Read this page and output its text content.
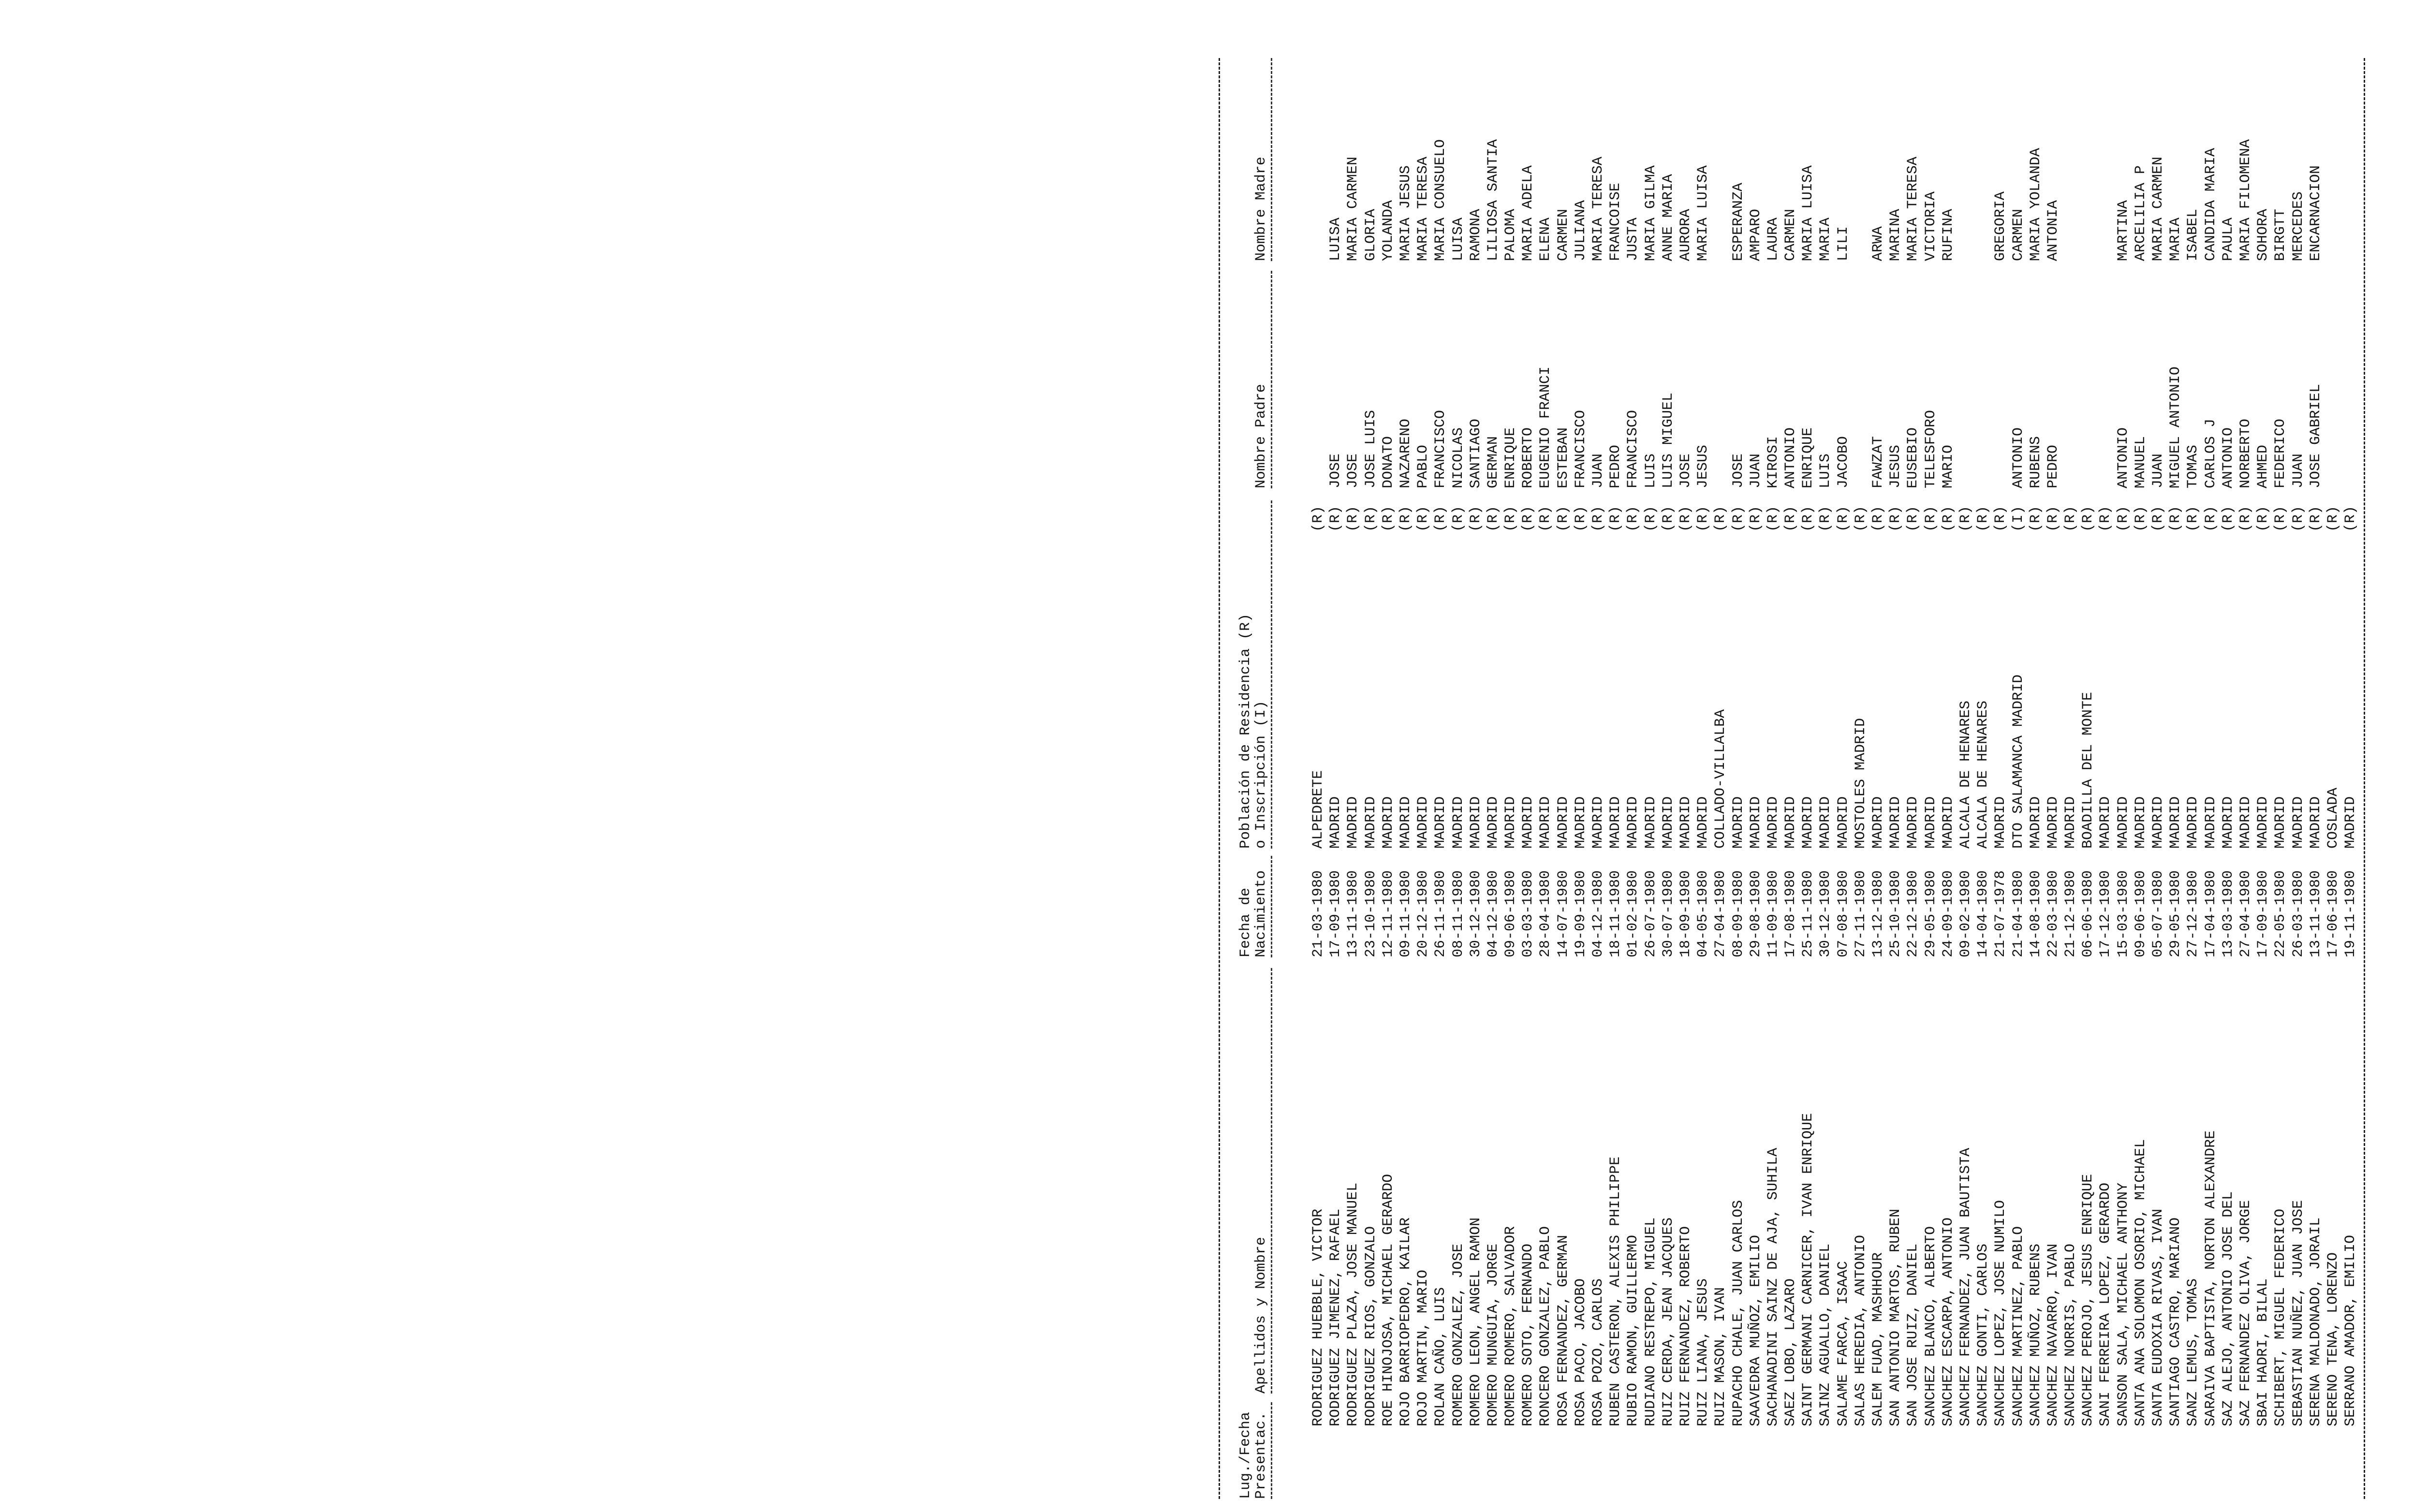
Lug./Fecha
Presentac.
Apellidos y Nombre
Fecha de
Nacimiento
Población de Residencia (R)
o Inscripción (I)
Nombre Padre
Nombre Madre
RODRIGUEZ HUEBBLE, VICTOR
21-03-1980
ALPEDRETE
(R)
RODRIGUEZ JIMENEZ, RAFAEL
17-09-1980
MADRID
(R)
JOSE
LUISA
RODRIGUEZ PLAZA, JOSE MANUEL
13-11-1980
MADRID
(R)
JOSE
MARIA CARMEN
RODRIGUEZ RIOS, GONZALO
23-10-1980
MADRID
(R)
JOSE LUIS
GLORIA
ROE HINOJOSA, MICHAEL GERARDO
12-11-1980
MADRID
(R)
DONATO
YOLANDA
ROJO BARRIOPEDRO, KAILAR
09-11-1980
MADRID
(R)
NAZARENO
MARIA JESUS
ROJO MARTIN, MARIO
20-12-1980
MADRID
(R)
PABLO
MARIA TERESA
ROLAN CAÑO, LUIS
26-11-1980
MADRID
(R)
FRANCISCO
MARIA CONSUELO
ROMERO GONZALEZ, JOSE
08-11-1980
MADRID
(R)
NICOLAS
LUISA
ROMERO LEON, ANGEL RAMON
30-12-1980
MADRID
(R)
SANTIAGO
RAMONA
ROMERO MUNGUIA, JORGE
04-12-1980
MADRID
(R)
GERMAN
LILIOSA SANTIA
ROMERO ROMERO, SALVADOR
09-06-1980
MADRID
(R)
ENRIQUE
PALOMA
ROMERO SOTO, FERNANDO
03-03-1980
MADRID
(R)
ROBERTO
MARIA ADELA
RONCERO GONZALEZ, PABLO
28-04-1980
MADRID
(R)
EUGENIO FRANCI
ELENA
ROSA FERNANDEZ, GERMAN
14-07-1980
MADRID
(R)
ESTEBAN
CARMEN
ROSA PACO, JACOBO
19-09-1980
MADRID
(R)
FRANCISCO
JULIANA
ROSA POZO, CARLOS
04-12-1980
MADRID
(R)
JUAN
MARIA TERESA
RUBEN CASTERON, ALEXIS PHILIPPE
18-11-1980
MADRID
(R)
PEDRO
FRANCOISE
RUBIO RAMON, GUILLERMO
01-02-1980
MADRID
(R)
FRANCISCO
JUSTA
RUDIANO RESTREPO, MIGUEL
26-07-1980
MADRID
(R)
LUIS
MARIA GILMA
RUIZ CERDA, JEAN JACQUES
30-07-1980
MADRID
(R)
LUIS MIGUEL
ANNE MARIA
RUIZ FERNANDEZ, ROBERTO
18-09-1980
MADRID
(R)
JOSE
AURORA
RUIZ LIANA, JESUS
04-05-1980
MADRID
(R)
JESUS
MARIA LUISA
RUIZ MASON, IVAN
27-04-1980
COLLADO-VILLALBA
(R)
RUPACHO CHALE, JUAN CARLOS
08-09-1980
MADRID
(R)
JOSE
ESPERANZA
SAAVEDRA MUÑOZ, EMILIO
29-08-1980
MADRID
(R)
JUAN
AMPARO
SACHANADINI SAINZ DE AJA, SUHILA
11-09-1980
MADRID
(R)
KIROSI
LAURA
SAEZ LOBO, LAZARO
17-08-1980
MADRID
(R)
ANTONIO
CARMEN
SAINT GERMANI CARNICER, IVAN ENRIQUE
25-11-1980
MADRID
(R)
ENRIQUE
MARIA LUISA
SAINZ AGUALLO, DANIEL
30-12-1980
MADRID
(R)
LUIS
MARIA
SALAME FARCA, ISAAC
07-08-1980
MADRID
(R)
JACOBO
LILI
SALAS HEREDIA, ANTONIO
27-11-1980
MOSTOLES MADRID
(R)
SALEM FUAD, MASHHOUR
13-12-1980
MADRID
(R)
FAWZAT
ARWA
SAN ANTONIO MARTOS, RUBEN
25-10-1980
MADRID
(R)
JESUS
MARINA
SAN JOSE RUIZ, DANIEL
22-12-1980
MADRID
(R)
EUSEBIO
MARIA TERESA
SANCHEZ BLANCO, ALBERTO
29-05-1980
MADRID
(R)
TELESFORO
VICTORIA
SANCHEZ ESCARPA, ANTONIO
24-09-1980
MADRID
(R)
MARIO
RUFINA
SANCHEZ FERNANDEZ, JUAN BAUTISTA
09-02-1980
ALCALA DE HENARES
(R)
SANCHEZ GONTI, CARLOS
14-04-1980
ALCALA DE HENARES
(R)
SANCHEZ LOPEZ, JOSE NUMILO
21-07-1978
MADRID
(R)
GREGORIA
SANCHEZ MARTINEZ, PABLO
21-04-1980
DTO SALAMANCA MADRID
(I)
ANTONIO
CARMEN
SANCHEZ MUÑOZ, RUBENS
14-08-1980
MADRID
(R)
RUBENS
MARIA YOLANDA
SANCHEZ NAVARRO, IVAN
22-03-1980
MADRID
(R)
PEDRO
ANTONIA
SANCHEZ NORRIS, PABLO
21-12-1980
MADRID
(R)
SANCHEZ PEROJO, JESUS ENRIQUE
06-06-1980
BOADILLA DEL MONTE
(R)
SANI FERREIRA LOPEZ, GERARDO
17-12-1980
MADRID
(R)
SANSON SALA, MICHAEL ANTHONY
15-03-1980
MADRID
(R)
ANTONIO
MARTINA
SANTA ANA SOLOMON OSORIO, MICHAEL
09-06-1980
MADRID
(R)
MANUEL
ARCELILIA P
SANTA EUDOXIA RIVAS, IVAN
05-07-1980
MADRID
(R)
JUAN
MARIA CARMEN
SANTIAGO CASTRO, MARIANO
29-05-1980
MADRID
(R)
MIGUEL ANTONIO
MARIA
SANZ LEMUS, TOMAS
27-12-1980
MADRID
(R)
TOMAS
ISABEL
SARAIVA BAPTISTA, NORTON ALEXANDRE
17-04-1980
MADRID
(R)
CARLOS J
CANDIDA MARIA
SAZ ALEJO, ANTONIO JOSE DEL
13-03-1980
MADRID
(R)
ANTONIO
PAULA
SAZ FERNANDEZ OLIVA, JORGE
27-04-1980
MADRID
(R)
NORBERTO
MARIA FILOMENA
SBAI HADRI, BILAL
17-09-1980
MADRID
(R)
AHMED
SOHORA
SCHIBERT, MIGUEL FEDERICO
22-05-1980
MADRID
(R)
FEDERICO
BIRGTT
SEBASTIAN NUÑEZ, JUAN JOSE
26-03-1980
MADRID
(R)
JUAN
MERCEDES
SERENA MALDONADO, JORAIL
13-11-1980
MADRID
(R)
JOSE GABRIEL
ENCARNACION
SERENO TENA, LORENZO
17-06-1980
COSLADA
(R)
SERRANO AMADOR, EMILIO
19-11-1980
MADRID
(R)
